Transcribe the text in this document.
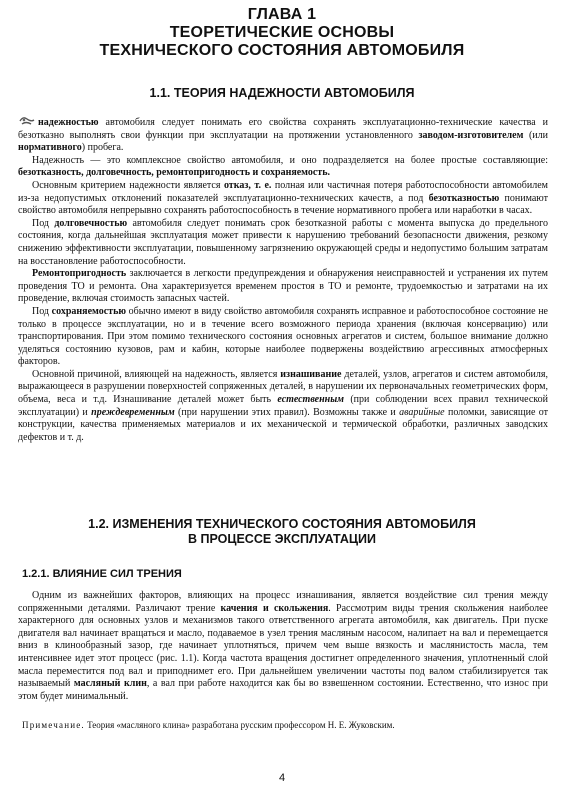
ГЛАВА 1
ТЕОРЕТИЧЕСКИЕ ОСНОВЫ
ТЕХНИЧЕСКОГО СОСТОЯНИЯ АВТОМОБИЛЯ
1.1. ТЕОРИЯ НАДЕЖНОСТИ АВТОМОБИЛЯ

надежностью автомобиля следует понимать его свойства сохранять эксплуатационно-технические качества и безотказно выполнять свои функции при эксплуатации на протяжении установленного заводом-изготовителем (или нормативного) пробега.

Надежность — это комплексное свойство автомобиля, и оно подразделяется на более простые составляющие: безотказность, долговечность, ремонтопригодность и сохраняемость.

Основным критерием надежности является отказ, т. е. полная или частичная потеря работоспособности автомобилем из-за недопустимых отклонений показателей эксплуатационно-технических качеств, а под безотказностью понимают свойство автомобиля непрерывно сохранять работоспособность в течение нормативного пробега или наработки в часах.

Под долговечностью автомобиля следует понимать срок безотказной работы с момента выпуска до предельного состояния, когда дальнейшая эксплуатация может привести к нарушению требований безопасности движения, резкому снижению эффективности эксплуатации, повышенному загрязнению окружающей среды и недопустимо большим затратам на восстановление работоспособности.

Ремонтопригодность заключается в легкости предупреждения и обнаружения неисправностей и устранения их путем проведения ТО и ремонта. Она характеризуется временем простоя в ТО и ремонте, трудоемкостью и затратами на их проведение, включая стоимость запасных частей.

Под сохраняемостью обычно имеют в виду свойство автомобиля сохранять исправное и работоспособное состояние не только в процессе эксплуатации, но и в течение всего возможного периода хранения (включая консервацию) или транспортирования. При этом помимо технического состояния основных агрегатов и систем, большое внимание должно уделяться состоянию кузовов, рам и кабин, которые наиболее подвержены воздействию агрессивных атмосферных факторов.

Основной причиной, влияющей на надежность, является изнашивание деталей, узлов, агрегатов и систем автомобиля, выражающееся в разрушении поверхностей сопряженных деталей, в нарушении их первоначальных геометрических форм, объема, веса и т.д. Изнашивание деталей может быть естественным (при соблюдении всех правил технической эксплуатации) и преждевременным (при нарушении этих правил). Возможны также и аварийные поломки, зависящие от конструкции, качества применяемых материалов и их механической и термической обработки, различных заводских дефектов и т. д.

1.2. ИЗМЕНЕНИЯ ТЕХНИЧЕСКОГО СОСТОЯНИЯ АВТОМОБИЛЯ
В ПРОЦЕССЕ ЭКСПЛУАТАЦИИ
1.2.1. ВЛИЯНИЕ СИЛ ТРЕНИЯ

Одним из важнейших факторов, влияющих на процесс изнашивания, является воздействие сил трения между сопряженными деталями. Различают трение качения и скольжения. Рассмотрим виды трения скольжения наиболее характерного для основных узлов и механизмов такого ответственного агрегата автомобиля, как двигатель. При пуске двигателя вал начинает вращаться и масло, подаваемое в узел трения масляным насосом, налипает на вал и перемещается вниз в клинообразный зазор, где начинает уплотняться, причем чем выше вязкость и маслянистость масла, тем интенсивнее идет этот процесс (рис. 1.1). Когда частота вращения достигнет определенного значения, уплотненный слой масла переместится под вал и приподнимет его. При дальнейшем увеличении частоты под валом стабилизируется так называемый масляный клин, а вал при работе находится как бы во взвешенном состоянии. Естественно, что износ при этом будет минимальный.

Примечание. Теория «масляного клина» разработана русским профессором Н. Е. Жуковским.
4
